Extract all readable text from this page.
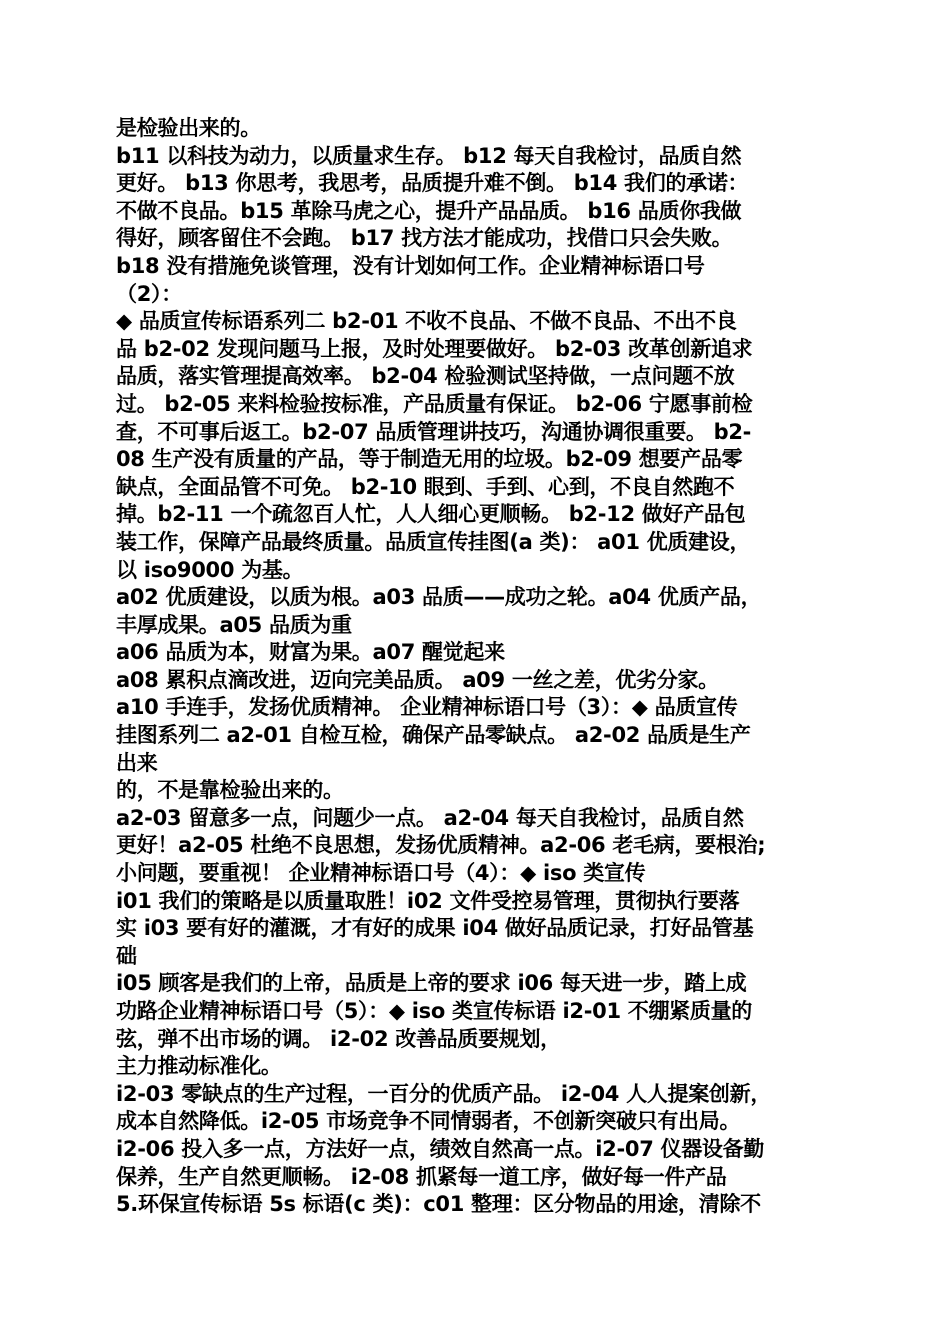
是检验出来的。
b11 以科技为动力，以质量求生存。 b12 每天自我检讨，品质自然
更好。 b13 你思考，我思考，品质提升难不倒。 b14 我们的承诺：
不做不良品。b15 革除马虎之心，提升产品品质。 b16 品质你我做
得好，顾客留住不会跑。 b17 找方法才能成功，找借口只会失败。
b18 没有措施免谈管理，没有计划如何工作。企业精神标语口号
（2）：
◆ 品质宣传标语系列二 b2-01 不收不良品、不做不良品、不出不良
品 b2-02 发现问题马上报，及时处理要做好。 b2-03 改革创新追求
品质，落实管理提高效率。 b2-04 检验测试坚持做，一点问题不放
过。 b2-05 来料检验按标准，产品质量有保证。 b2-06 宁愿事前检
查，不可事后返工。b2-07 品质管理讲技巧，沟通协调很重要。 b2-
08 生产没有质量的产品，等于制造无用的垃圾。b2-09 想要产品零
缺点，全面品管不可免。 b2-10 眼到、手到、心到，不良自然跑不
掉。b2-11 一个疏忽百人忙，人人细心更顺畅。 b2-12 做好产品包
装工作，保障产品最终质量。品质宣传挂图(a 类)： a01 优质建设，
以 iso9000 为基。
a02 优质建设，以质为根。a03 品质——成功之轮。a04 优质产品，
丰厚成果。a05 品质为重
a06 品质为本，财富为果。a07 醒觉起来
a08 累积点滴改进，迈向完美品质。 a09 一丝之差，优劣分家。
a10 手连手，发扬优质精神。 企业精神标语口号（3）：◆ 品质宣传
挂图系列二 a2-01 自检互检，确保产品零缺点。 a2-02 品质是生产
出来
的，不是靠检验出来的。
a2-03 留意多一点，问题少一点。 a2-04 每天自我检讨，品质自然
更好！a2-05 杜绝不良思想，发扬优质精神。a2-06 老毛病，要根治;
小问题，要重视！ 企业精神标语口号（4）：◆ iso 类宣传
i01 我们的策略是以质量取胜！i02 文件受控易管理，贯彻执行要落
实 i03 要有好的灌溉，才有好的成果 i04 做好品质记录，打好品管基
础
i05 顾客是我们的上帝，品质是上帝的要求 i06 每天进一步，踏上成
功路企业精神标语口号（5）：◆ iso 类宣传标语 i2-01 不绷紧质量的
弦，弹不出市场的调。 i2-02 改善品质要规划，
主力推动标准化。
i2-03 零缺点的生产过程，一百分的优质产品。 i2-04 人人提案创新，
成本自然降低。i2-05 市场竞争不同情弱者，不创新突破只有出局。
i2-06 投入多一点，方法好一点，绩效自然高一点。i2-07 仪器设备勤
保养，生产自然更顺畅。 i2-08 抓紧每一道工序，做好每一件产品
5.环保宣传标语 5s 标语(c 类)：c01 整理：区分物品的用途，清除不
